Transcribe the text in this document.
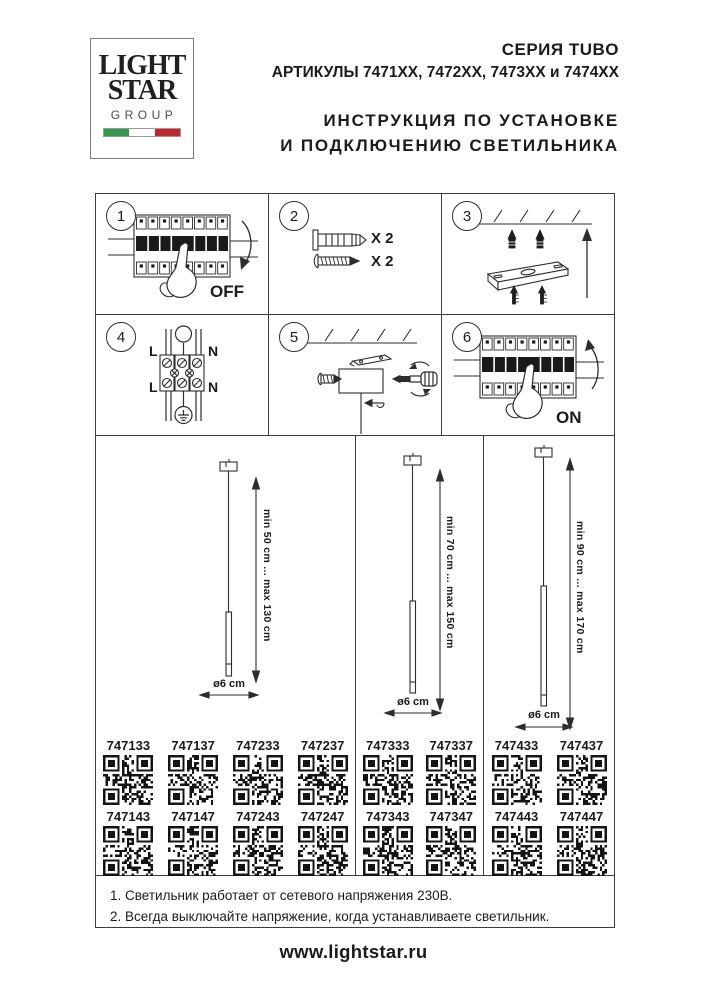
LIGHT
STAR
GROUP
СЕРИЯ TUBO
АРТИКУЛЫ 7471XX, 7472XX, 7473XX и 7474XX
ИНСТРУКЦИЯ ПО УСТАНОВКЕ
И ПОДКЛЮЧЕНИЮ СВЕТИЛЬНИКА
1
OFF
2
X 2
X 2
3
4
L	N
L	N
5	6
ON
min 50 cm ... max 130 cm
ø6 cm
747133 747137 747233 747237
747143 747147 747243 747247
min 70 cm ... max 150 cm
ø6 cm
747333 747337
747343 747347
min 90 cm ... max 170 cm
ø6 cm
747433 747437
747443 747447
1. Светильник работает от сетевого напряжения 230В.
2. Всегда выключайте напряжение, когда устанавливаете светильник.
www.lightstar.ru
